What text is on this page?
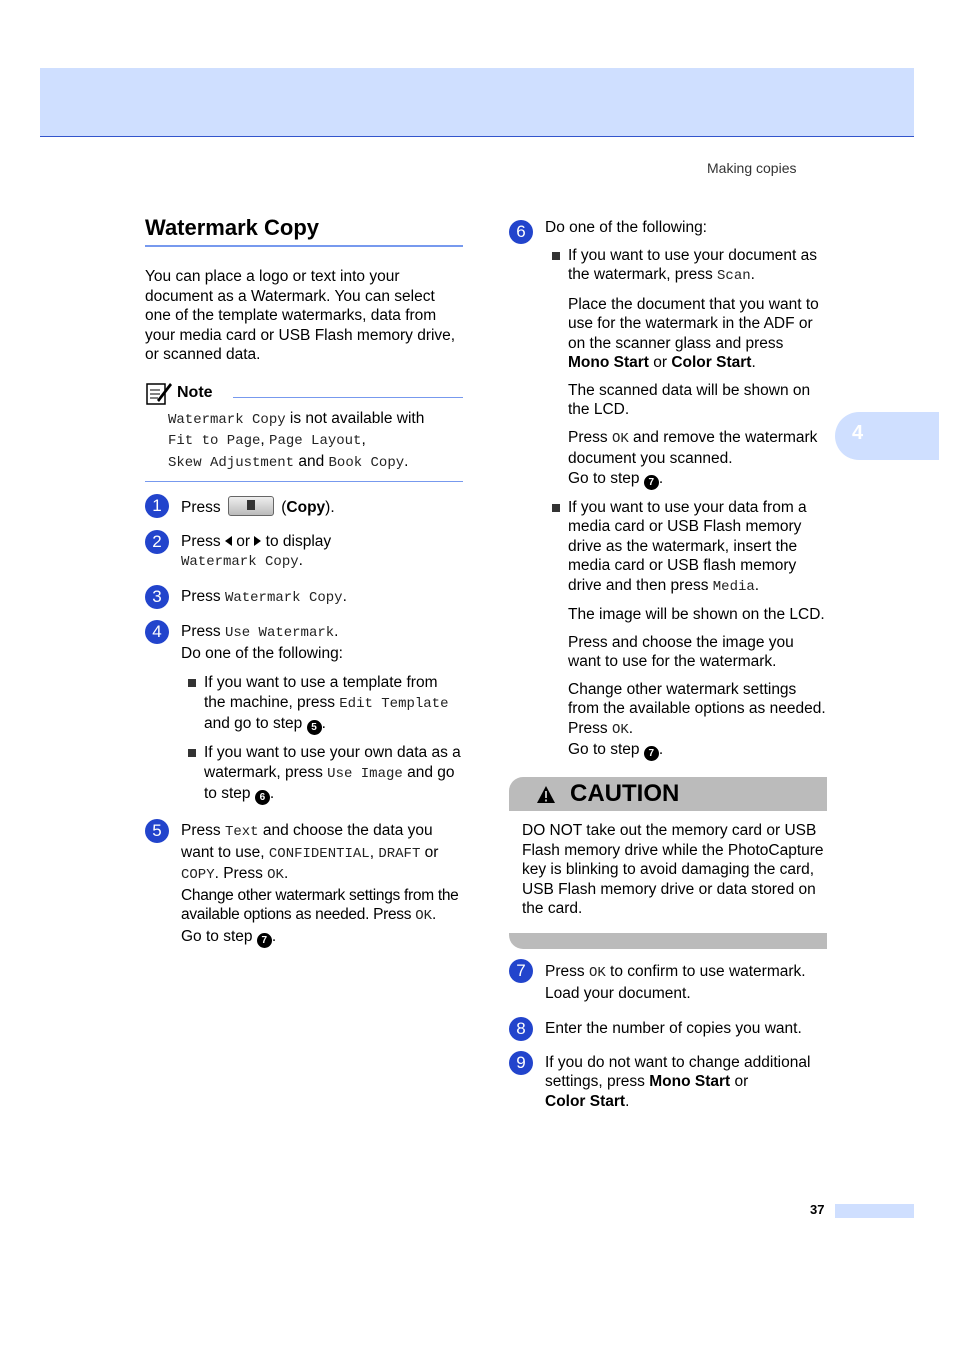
Making copies
4
Watermark Copy

You can place a logo or text into your document as a Watermark. You can select one of the template watermarks, data from your media card or USB Flash memory drive, or scanned data.

Note
Watermark Copy is not available with
Fit to Page, Page Layout,
Skew Adjustment and Book Copy.
1	Press	(Copy).

2	Press  or  to display
Watermark Copy.

3	Press Watermark Copy.

4	Press Use Watermark.
Do one of the following:

If you want to use a template from the machine, press Edit Template and go to step 5 .

If you want to use your own data as a watermark, press Use Image and go to step 6 .

5	Press Text and choose the data you want to use, CONFIDENTIAL, DRAFT or COPY. Press OK.
Change other watermark settings from the available options as needed. Press OK.
Go to step 7 .

6	Do one of the following:

If you want to use your document as the watermark, press Scan.

Place the document that you want to use for the watermark in the ADF or on the scanner glass and press Mono Start or Color Start.

The scanned data will be shown on the LCD.

Press OK and remove the watermark document you scanned.
Go to step 7 .

If you want to use your data from a media card or USB Flash memory drive as the watermark, insert the media card or USB flash memory drive and then press Media.

The image will be shown on the LCD.

Press and choose the image you want to use for the watermark.

Change other watermark settings from the available options as needed.
Press OK.
Go to step 7 .

CAUTION

DO NOT take out the memory card or USB Flash memory drive while the PhotoCapture key is blinking to avoid damaging the card, USB Flash memory drive or data stored on the card.

7	Press OK to confirm to use watermark. Load your document.

8	Enter the number of copies you want.

9	If you do not want to change additional settings, press Mono Start or
Color Start.

37
